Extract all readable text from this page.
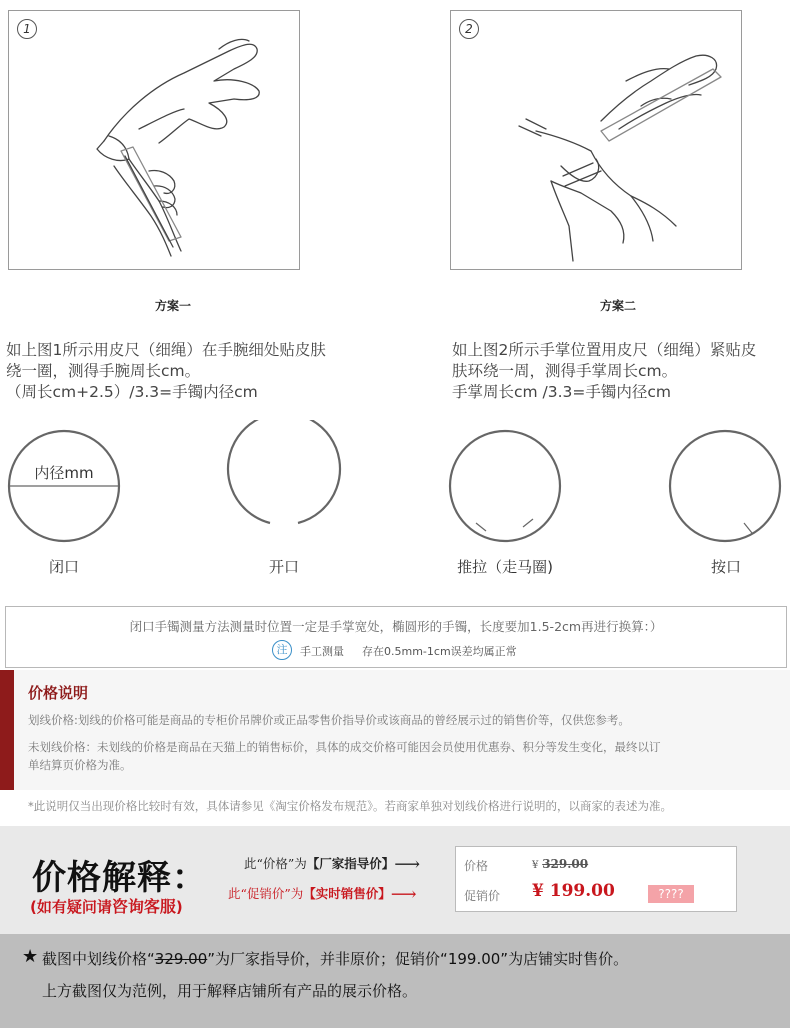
1	2
方案一	方案二
如上图1所示用皮尺（细绳）在手腕细处贴皮肤
绕一圈，测得手腕周长cm。
（周长cm+2.5）/3.3=手镯内径cm
如上图2所示手掌位置用皮尺（细绳）紧贴皮
肤环绕一周，测得手掌周长cm。
手掌周长cm /3.3=手镯内径cm
内径mm
闭口	开口	推拉（走马圈)	按口
闭口手镯测量方法测量时位置一定是手掌宽处，椭圆形的手镯，长度要加1.5-2cm再进行换算：）
注	手工测量 存在0.5mm-1cm误差均属正常
价格说明
划线价格:划线的价格可能是商品的专柜价吊牌价或正品零售价指导价或该商品的曾经展示过的销售价等，仅供您参考。
未划线价格：未划线的价格是商品在天猫上的销售标价，具体的成交价格可能因会员使用优惠券、积分等发生变化，最终以订
单结算页价格为准。
*此说明仅当出现价格比较时有效，具体请参见《淘宝价格发布规范》。若商家单独对划线价格进行说明的，以商家的表述为准。
价格解释：
(如有疑问请咨询客服)
此“价格”为【厂家指导价】⟶
此“促销价”为【实时销售价】⟶
价格	¥ 329.00
促销价 ¥ 199.00	????
★ 截图中划线价格“329.00”为厂家指导价，并非原价；促销价“199.00”为店铺实时售价。
上方截图仅为范例，用于解释店铺所有产品的展示价格。
